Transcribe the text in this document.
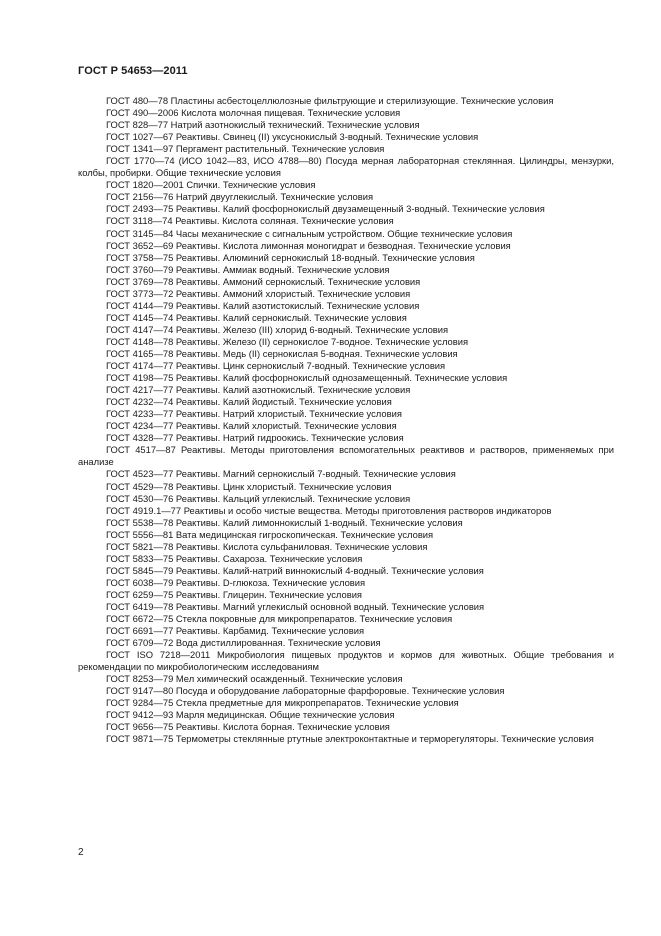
ГОСТ Р 54653—2011

ГОСТ 480—78 Пластины асбестоцеллюлозные фильтрующие и стерилизующие. Технические условия

ГОСТ 490—2006 Кислота молочная пищевая. Технические условия

ГОСТ 828—77 Натрий азотнокислый технический. Технические условия

ГОСТ 1027—67 Реактивы. Свинец (II) уксуснокислый 3-водный. Технические условия

ГОСТ 1341—97 Пергамент растительный. Технические условия

ГОСТ 1770—74 (ИСО 1042—83, ИСО 4788—80) Посуда мерная лабораторная стеклянная. Цилиндры, мензурки, колбы, пробирки. Общие технические условия

ГОСТ 1820—2001 Спички. Технические условия

ГОСТ 2156—76 Натрий двууглекислый. Технические условия

ГОСТ 2493—75 Реактивы. Калий фосфорнокислый двузамещенный 3-водный. Технические условия

ГОСТ 3118—74 Реактивы. Кислота соляная. Технические условия

ГОСТ 3145—84 Часы механические с сигнальным устройством. Общие технические условия

ГОСТ 3652—69 Реактивы. Кислота лимонная моногидрат и безводная. Технические условия

ГОСТ 3758—75 Реактивы. Алюминий сернокислый 18-водный. Технические условия

ГОСТ 3760—79 Реактивы. Аммиак водный. Технические условия

ГОСТ 3769—78 Реактивы. Аммоний сернокислый. Технические условия

ГОСТ 3773—72 Реактивы. Аммоний хлористый. Технические условия

ГОСТ 4144—79 Реактивы. Калий азотистокислый. Технические условия

ГОСТ 4145—74 Реактивы. Калий сернокислый. Технические условия

ГОСТ 4147—74 Реактивы. Железо (III) хлорид 6-водный. Технические условия

ГОСТ 4148—78 Реактивы. Железо (II) сернокислое 7-водное. Технические условия

ГОСТ 4165—78 Реактивы. Медь (II) сернокислая 5-водная. Технические условия

ГОСТ 4174—77 Реактивы. Цинк сернокислый 7-водный. Технические условия

ГОСТ 4198—75 Реактивы. Калий фосфорнокислый однозамещенный. Технические условия

ГОСТ 4217—77 Реактивы. Калий азотнокислый. Технические условия

ГОСТ 4232—74 Реактивы. Калий йодистый. Технические условия

ГОСТ 4233—77 Реактивы. Натрий хлористый. Технические условия

ГОСТ 4234—77 Реактивы. Калий хлористый. Технические условия

ГОСТ 4328—77 Реактивы. Натрий гидроокись. Технические условия

ГОСТ 4517—87 Реактивы. Методы приготовления вспомогательных реактивов и растворов, применяемых при анализе

ГОСТ 4523—77 Реактивы. Магний сернокислый 7-водный. Технические условия

ГОСТ 4529—78 Реактивы. Цинк хлористый. Технические условия

ГОСТ 4530—76 Реактивы. Кальций углекислый. Технические условия

ГОСТ 4919.1—77 Реактивы и особо чистые вещества. Методы приготовления растворов индикаторов

ГОСТ 5538—78 Реактивы. Калий лимоннокислый 1-водный. Технические условия

ГОСТ 5556—81 Вата медицинская гигроскопическая. Технические условия

ГОСТ 5821—78 Реактивы. Кислота сульфаниловая. Технические условия

ГОСТ 5833—75 Реактивы. Сахароза. Технические условия

ГОСТ 5845—79 Реактивы. Калий-натрий виннокислый 4-водный. Технические условия

ГОСТ 6038—79 Реактивы. D-глюкоза. Технические условия

ГОСТ 6259—75 Реактивы. Глицерин. Технические условия

ГОСТ 6419—78 Реактивы. Магний углекислый основной водный. Технические условия

ГОСТ 6672—75 Стекла покровные для микропрепаратов. Технические условия

ГОСТ 6691—77 Реактивы. Карбамид. Технические условия

ГОСТ 6709—72 Вода дистиллированная. Технические условия

ГОСТ ISO 7218—2011 Микробиология пищевых продуктов и кормов для животных. Общие требования и рекомендации по микробиологическим исследованиям

ГОСТ 8253—79 Мел химический осажденный. Технические условия

ГОСТ 9147—80 Посуда и оборудование лабораторные фарфоровые. Технические условия

ГОСТ 9284—75 Стекла предметные для микропрепаратов. Технические условия

ГОСТ 9412—93 Марля медицинская. Общие технические условия

ГОСТ 9656—75 Реактивы. Кислота борная. Технические условия

ГОСТ 9871—75 Термометры стеклянные ртутные электроконтактные и терморегуляторы. Технические условия

2
